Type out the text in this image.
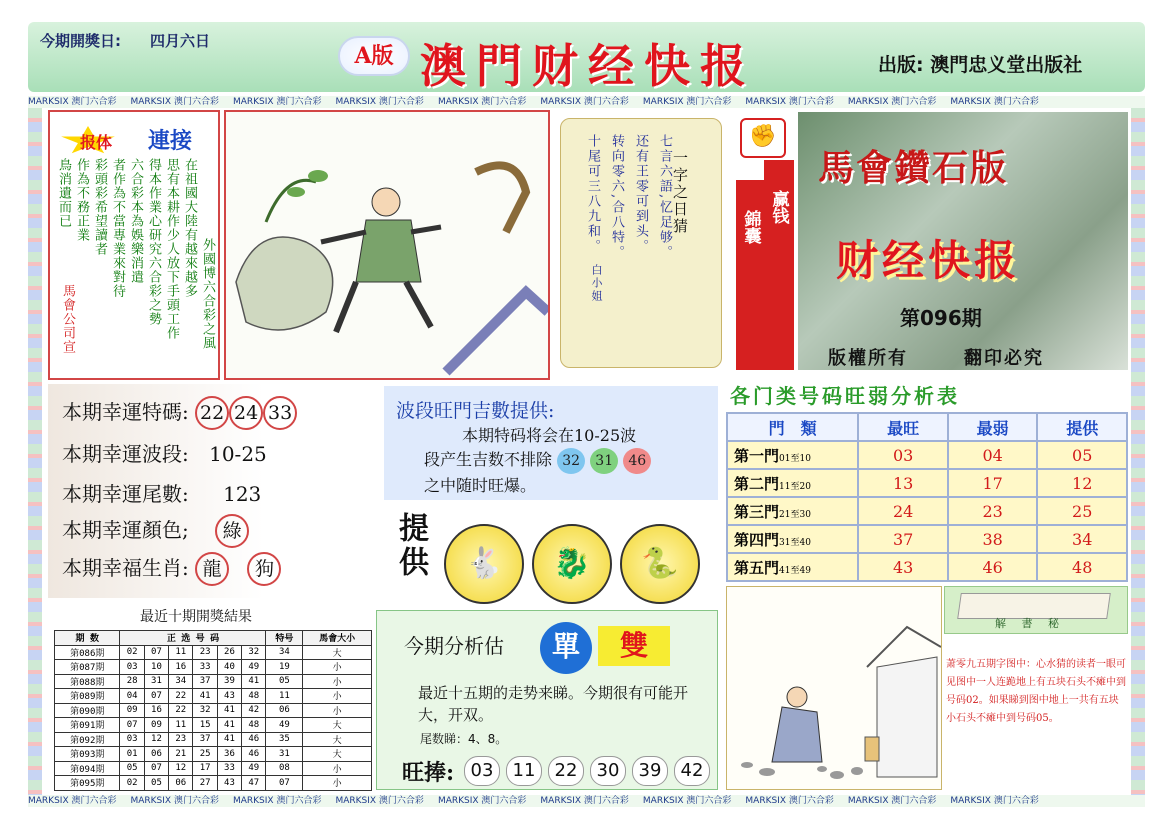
今期開獎日: 四月六日
A版 澳門财经快报	出版: 澳門忠义堂出版社
MARKSIX 澳门六合彩 MARKSIX 澳门六合彩 MARKSIX 澳门六合彩 MARKSIX 澳门六合彩 MARKSIX 澳门六合彩 MARKSIX 澳门六合彩 MARKSIX 澳门六合彩 MARKSIX 澳门六合彩 MARKSIX 澳门六合彩 MARKSIX 澳门六合彩
MARKSIX 澳门六合彩 MARKSIX 澳门六合彩 MARKSIX 澳门六合彩 MARKSIX 澳门六合彩 MARKSIX 澳门六合彩 MARKSIX 澳门六合彩 MARKSIX 澳门六合彩 MARKSIX 澳门六合彩 MARKSIX 澳门六合彩 MARKSIX 澳门六合彩
报体 連接
在祖國大陸有越來越多
思有本耕作少人放下手頭工作
得本作業心研究六合彩之勢
六合彩本為娛樂消遣
者作為不當專業來對待
彩頭彩希望讀者
作為不務正業
鳥消遺而已
外國博六合彩之風
馬會公司宣
七言六語,忆足够。
还有王零可到头。
转向零六,合八特。
十尾可三八九和。	一字之日猜
白小姐
錦囊
赢钱
✊
馬會鑽石版
财经快报
第096期
版權所有	翻印必究
本期幸運特碼: 22 24 33
本期幸運波段: 10-25
本期幸運尾數: 123
本期幸運顏色; 綠
本期幸福生肖: 龍 狗
波段旺門吉數提供:
本期特码将会在10-25波
段产生吉数不排除 32 31 46
之中随时旺爆。
提供	🐇	🐉	🐍
各门类号码旺弱分析表
門　類	最旺	最弱	提供
第一門01至10	03	04	05
第二門11至20	13	17	12
第三門21至30	24	23	25
第四門31至40	37	38	34
第五門41至49	43	46	48
最近十期開獎結果
期 数	正 选 号 码						特号	馬會大小
第086期	02	07	11	23	26	32	34	大
第087期	03	10	16	33	40	49	19	小
第088期	28	31	34	37	39	41	05	小
第089期	04	07	22	41	43	48	11	小
第090期	09	16	22	32	41	42	06	小
第091期	07	09	11	15	41	48	49	大
第092期	03	12	23	37	41	46	35	大
第093期	01	06	21	25	36	46	31	大
第094期	05	07	12	17	33	49	08	小
第095期	02	05	06	27	43	47	07	小
今期分析估	單	雙
最近十五期的走势来睇。今期很有可能开大，开双。
尾数睇：4、8。
旺捧: 03 11 22 30 39 42
解 書 秘
萧零九五期字图中：心水猜的读者一眼可见图中一人连跪地上有五块石头不瘫中到号码02。如果睇到图中地上一共有五块小石头不瘫中到号码05。
